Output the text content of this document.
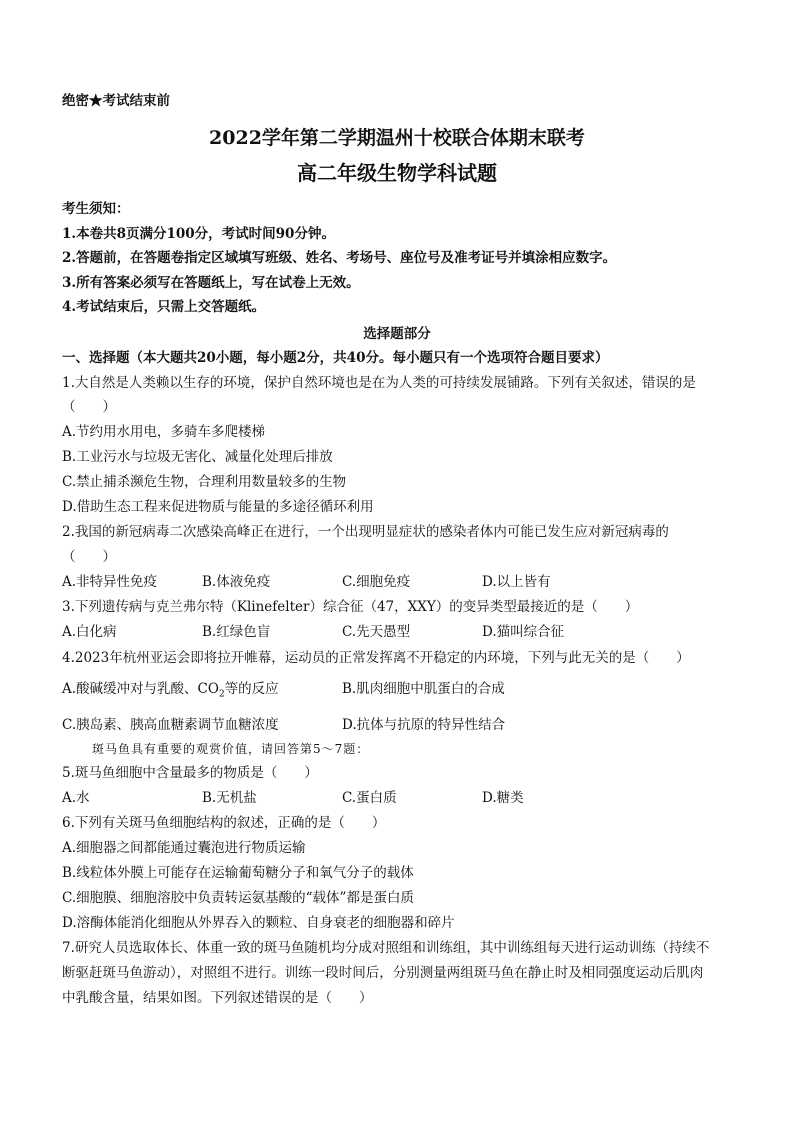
绝密★考试结束前
2022学年第二学期温州十校联合体期末联考
高二年级生物学科试题
考生须知：
1.本卷共8页满分100分，考试时间90分钟。
2.答题前，在答题卷指定区域填写班级、姓名、考场号、座位号及准考证号并填涂相应数字。
3.所有答案必须写在答题纸上，写在试卷上无效。
4.考试结束后，只需上交答题纸。
选择题部分
一、选择题（本大题共20小题，每小题2分，共40分。每小题只有一个选项符合题目要求）
1.大自然是人类赖以生存的环境，保护自然环境也是在为人类的可持续发展铺路。下列有关叙述，错误的是
（　　）
A.节约用水用电，多骑车多爬楼梯
B.工业污水与垃圾无害化、减量化处理后排放
C.禁止捕杀濒危生物，合理利用数量较多的生物
D.借助生态工程来促进物质与能量的多途径循环利用
2.我国的新冠病毒二次感染高峰正在进行，一个出现明显症状的感染者体内可能已发生应对新冠病毒的
（　　）
A.非特异性免疫	B.体液免疫	C.细胞免疫	D.以上皆有
3.下列遗传病与克兰弗尔特（Klinefelter）综合征（47，XXY）的变异类型最接近的是（　　）
A.白化病	B.红绿色盲	C.先天愚型	D.猫叫综合征
4.2023年杭州亚运会即将拉开帷幕，运动员的正常发挥离不开稳定的内环境，下列与此无关的是（　　）
A.酸碱缓冲对与乳酸、$CO_2$等的反应	B.肌肉细胞中肌蛋白的合成
C.胰岛素、胰高血糖素调节血糖浓度	D.抗体与抗原的特异性结合
斑马鱼具有重要的观赏价值，请回答第5～7题：
5.斑马鱼细胞中含量最多的物质是（　　）
A.水	B.无机盐	C.蛋白质	D.糖类
6.下列有关斑马鱼细胞结构的叙述，正确的是（　　）
A.细胞器之间都能通过囊泡进行物质运输
B.线粒体外膜上可能存在运输葡萄糖分子和氧气分子的载体
C.细胞膜、细胞溶胶中负责转运氨基酸的“载体”都是蛋白质
D.溶酶体能消化细胞从外界吞入的颗粒、自身衰老的细胞器和碎片
7.研究人员选取体长、体重一致的斑马鱼随机均分成对照组和训练组，其中训练组每天进行运动训练（持续不
断驱赶斑马鱼游动），对照组不进行。训练一段时间后，分别测量两组斑马鱼在静止时及相同强度运动后肌肉
中乳酸含量，结果如图。下列叙述错误的是（　　）
